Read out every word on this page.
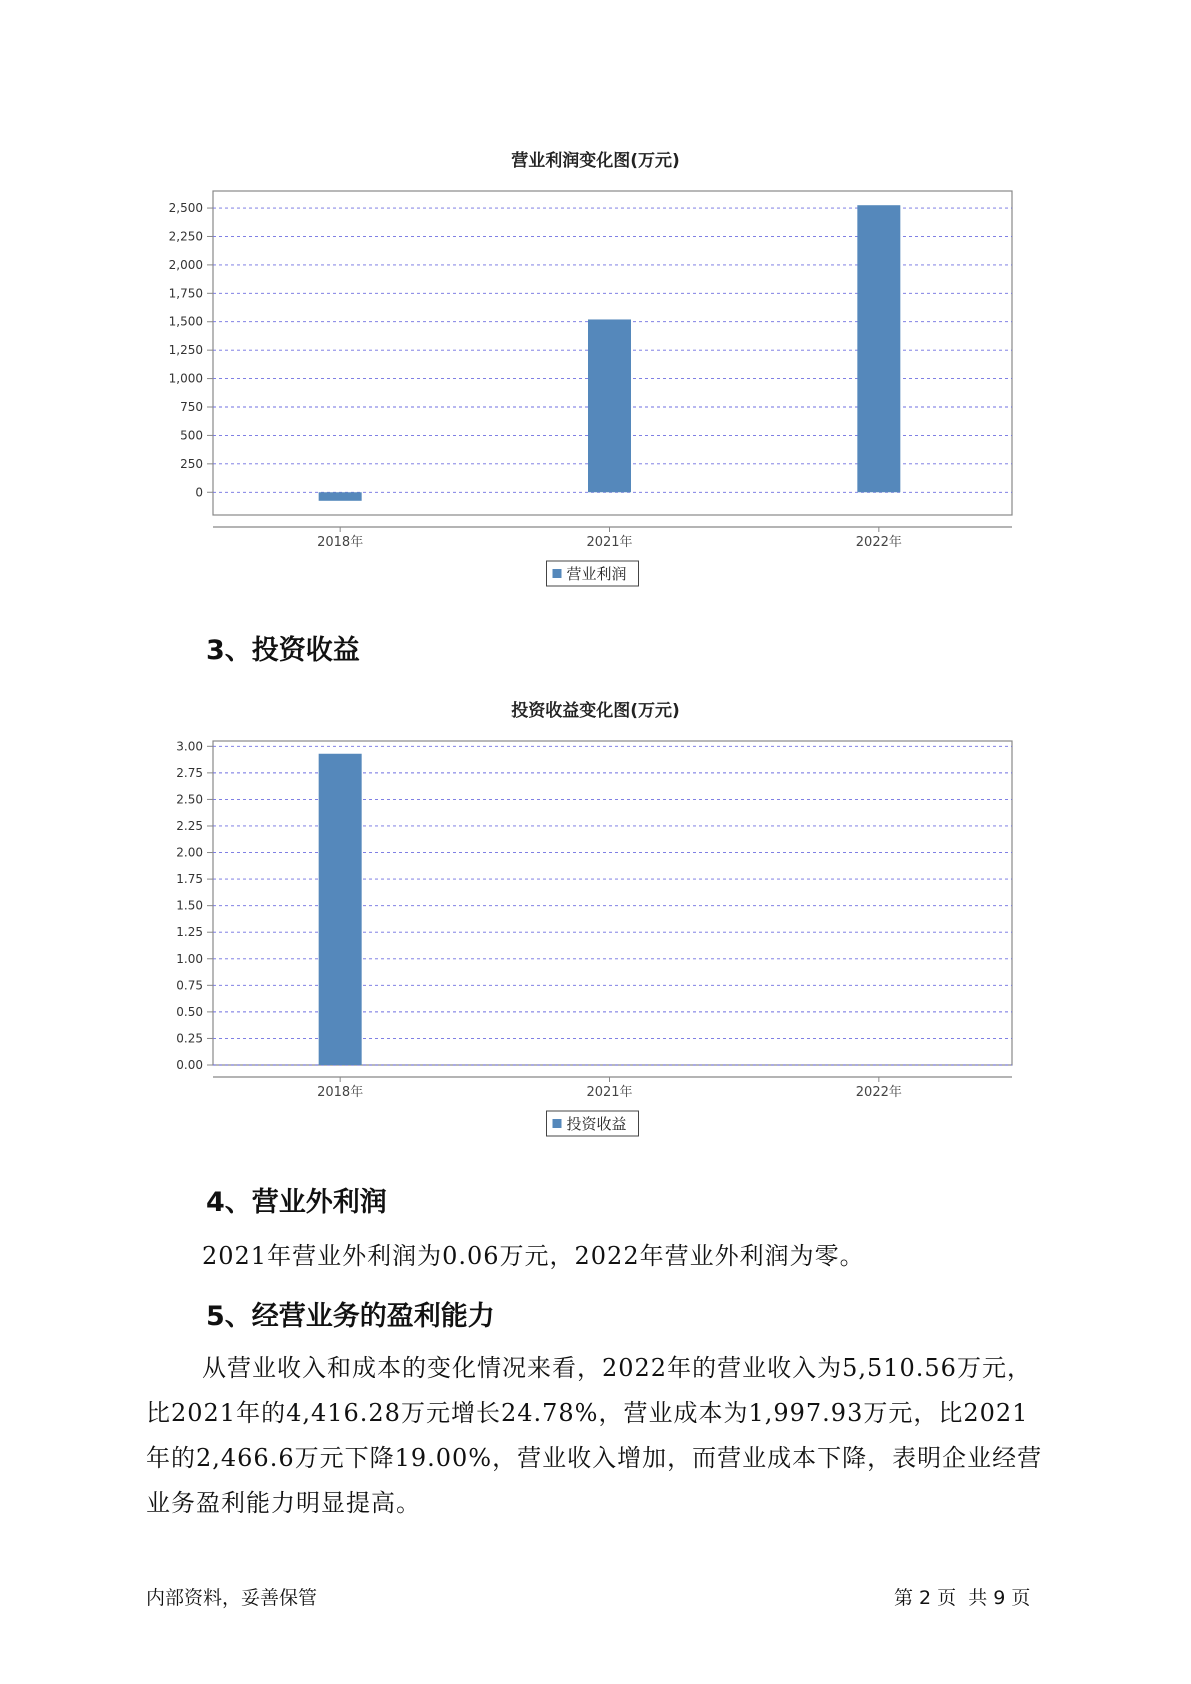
营业利润变化图(万元)
0
250
500
750
1,000
1,250
1,500
1,750
2,000
2,250
2,500
2018年	2021年	2022年
营业利润
3、投资收益
投资收益变化图(万元)
0.00
0.25
0.50
0.75
1.00
1.25
1.50
1.75
2.00
2.25
2.50
2.75
3.00
2018年	2021年	2022年
投资收益
4、营业外利润
2021年营业外利润为0.06万元，2022年营业外利润为零。
5、经营业务的盈利能力
从营业收入和成本的变化情况来看，2022年的营业收入为5,510.56万元，比2021年的4,416.28万元增长24.78%，营业成本为1,997.93万元，比2021年的2,466.6万元下降19.00%，营业收入增加，而营业成本下降，表明企业经营业务盈利能力明显提高。
内部资料，妥善保管	第 2 页  共 9 页
